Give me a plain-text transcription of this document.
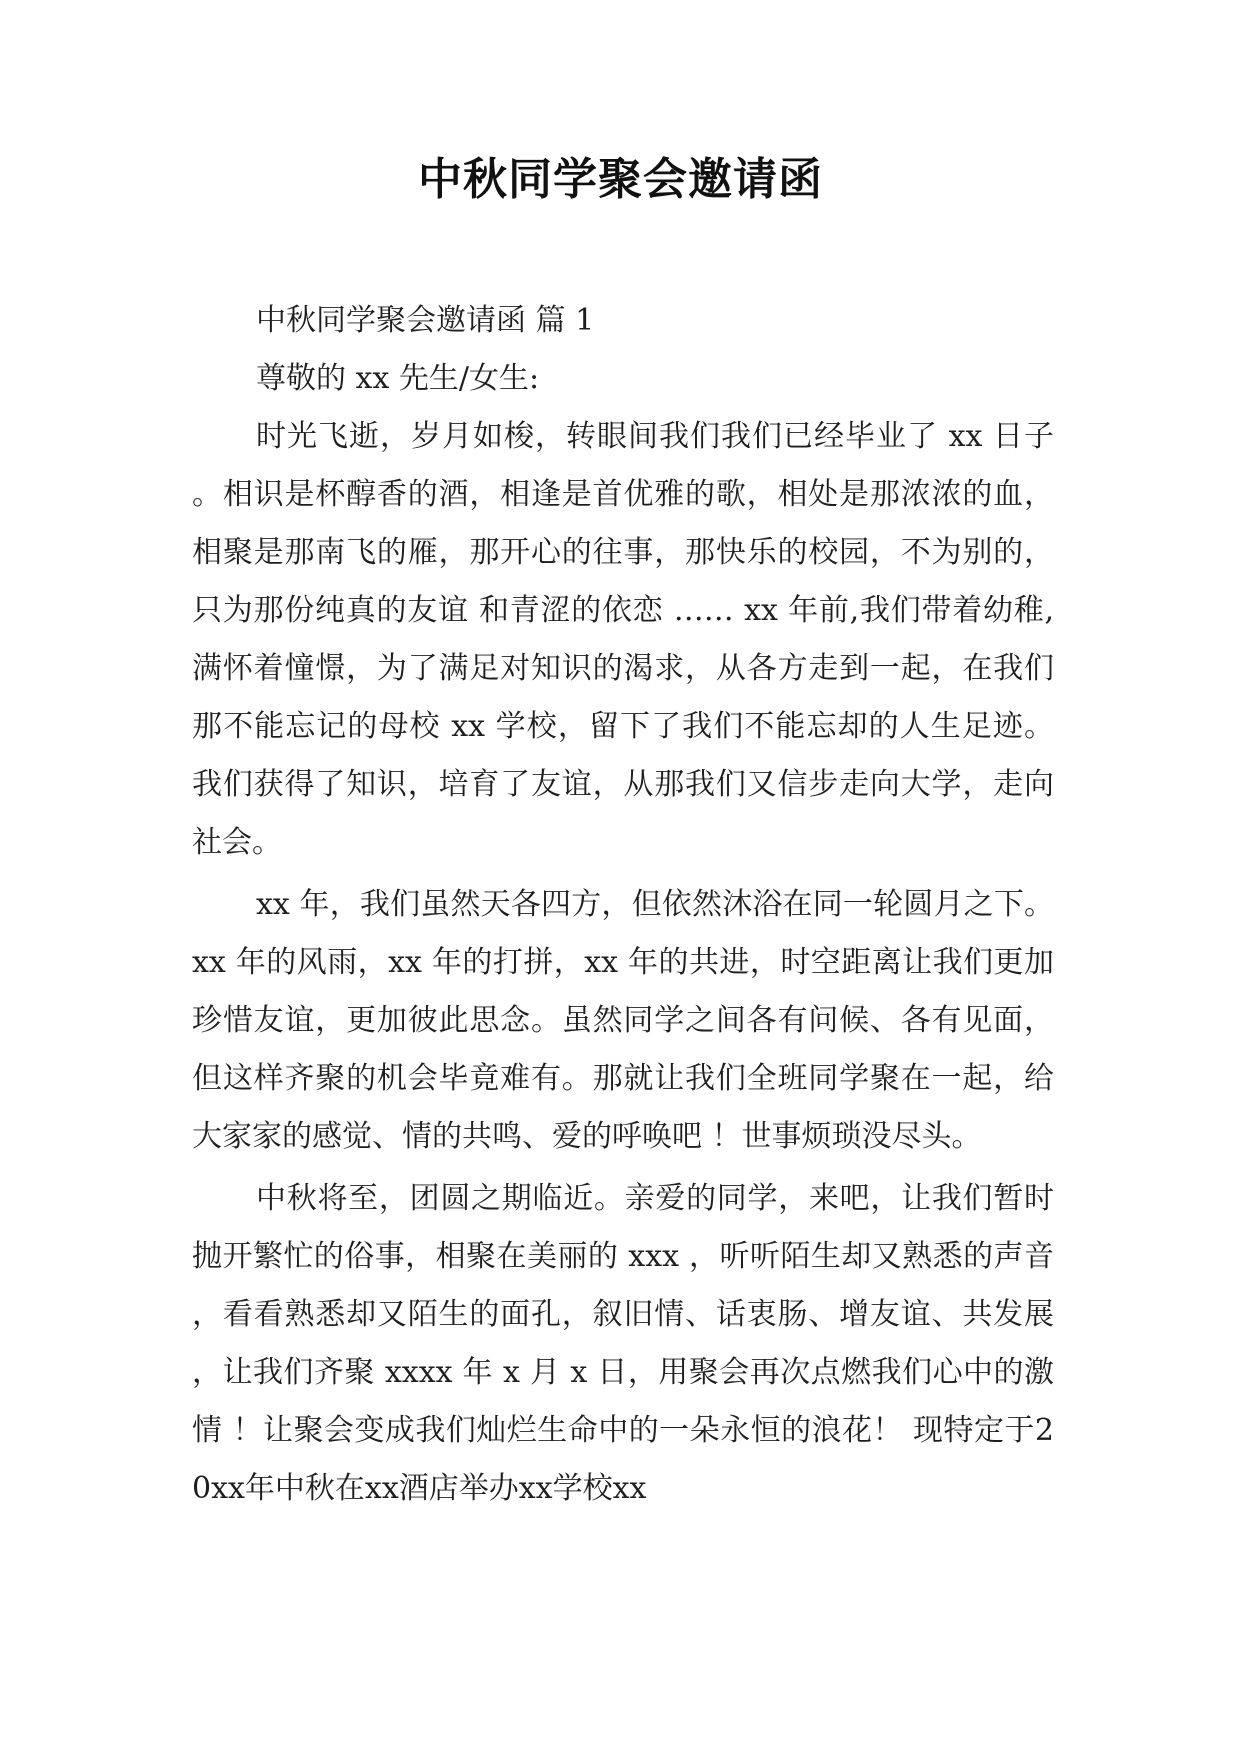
中秋同学聚会邀请函

中秋同学聚会邀请函 篇 1

尊敬的 xx 先生/女生:

时光飞逝，岁月如梭，转眼间我们我们已经毕业了 xx 日子。相识是杯醇香的酒，相逢是首优雅的歌，相处是那浓浓的血，相聚是那南飞的雁，那开心的往事，那快乐的校园，不为别的，只为那份纯真的友谊 和青涩的依恋 …… xx 年前,我们带着幼稚,满怀着憧憬，为了满足对知识的渴求，从各方走到一起，在我们那不能忘记的母校 xx 学校，留下了我们不能忘却的人生足迹。我们获得了知识，培育了友谊，从那我们又信步走向大学，走向社会。

xx 年，我们虽然天各四方，但依然沐浴在同一轮圆月之下。xx 年的风雨，xx 年的打拼，xx 年的共进，时空距离让我们更加珍惜友谊，更加彼此思念。虽然同学之间各有问候、各有见面，但这样齐聚的机会毕竟难有。那就让我们全班同学聚在一起，给大家家的感觉、情的共鸣、爱的呼唤吧 ！世事烦琐没尽头。

中秋将至，团圆之期临近。亲爱的同学，来吧，让我们暂时抛开繁忙的俗事，相聚在美丽的 xxx ，听听陌生却又熟悉的声音，看看熟悉却又陌生的面孔，叙旧情、话衷肠、增友谊、共发展，让我们齐聚 xxxx 年 x 月 x 日，用聚会再次点燃我们心中的激情 ！让聚会变成我们灿烂生命中的一朵永恒的浪花！ 现特定于20xx年中秋在xx酒店举办xx学校xx
